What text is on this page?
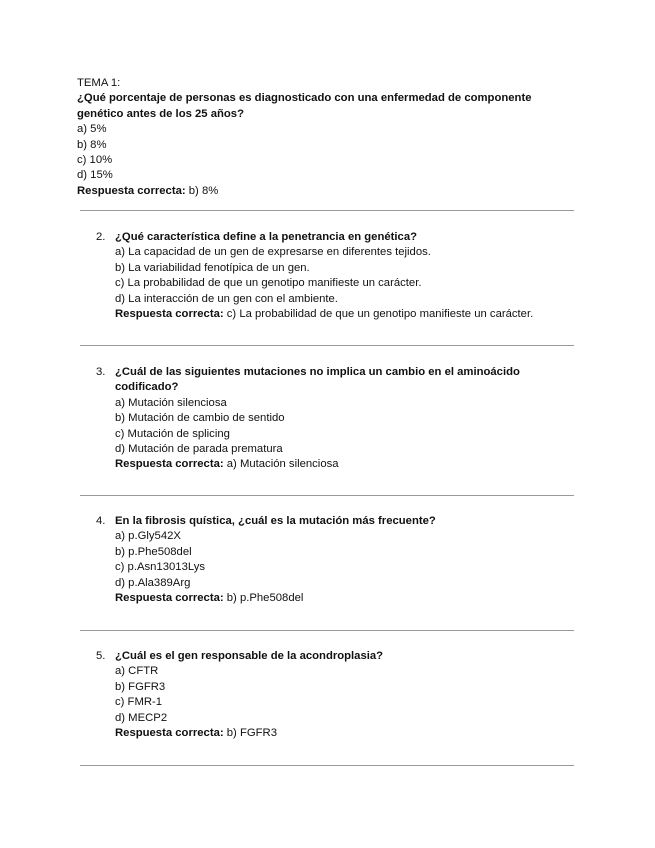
TEMA 1:
¿Qué porcentaje de personas es diagnosticado con una enfermedad de componente genético antes de los 25 años?
a) 5%
b) 8%
c) 10%
d) 15%
Respuesta correcta: b) 8%
2. ¿Qué característica define a la penetrancia en genética?
a) La capacidad de un gen de expresarse en diferentes tejidos.
b) La variabilidad fenotípica de un gen.
c) La probabilidad de que un genotipo manifieste un carácter.
d) La interacción de un gen con el ambiente.
Respuesta correcta: c) La probabilidad de que un genotipo manifieste un carácter.
3. ¿Cuál de las siguientes mutaciones no implica un cambio en el aminoácido codificado?
a) Mutación silenciosa
b) Mutación de cambio de sentido
c) Mutación de splicing
d) Mutación de parada prematura
Respuesta correcta: a) Mutación silenciosa
4. En la fibrosis quística, ¿cuál es la mutación más frecuente?
a) p.Gly542X
b) p.Phe508del
c) p.Asn13013Lys
d) p.Ala389Arg
Respuesta correcta: b) p.Phe508del
5. ¿Cuál es el gen responsable de la acondroplasia?
a) CFTR
b) FGFR3
c) FMR-1
d) MECP2
Respuesta correcta: b) FGFR3
